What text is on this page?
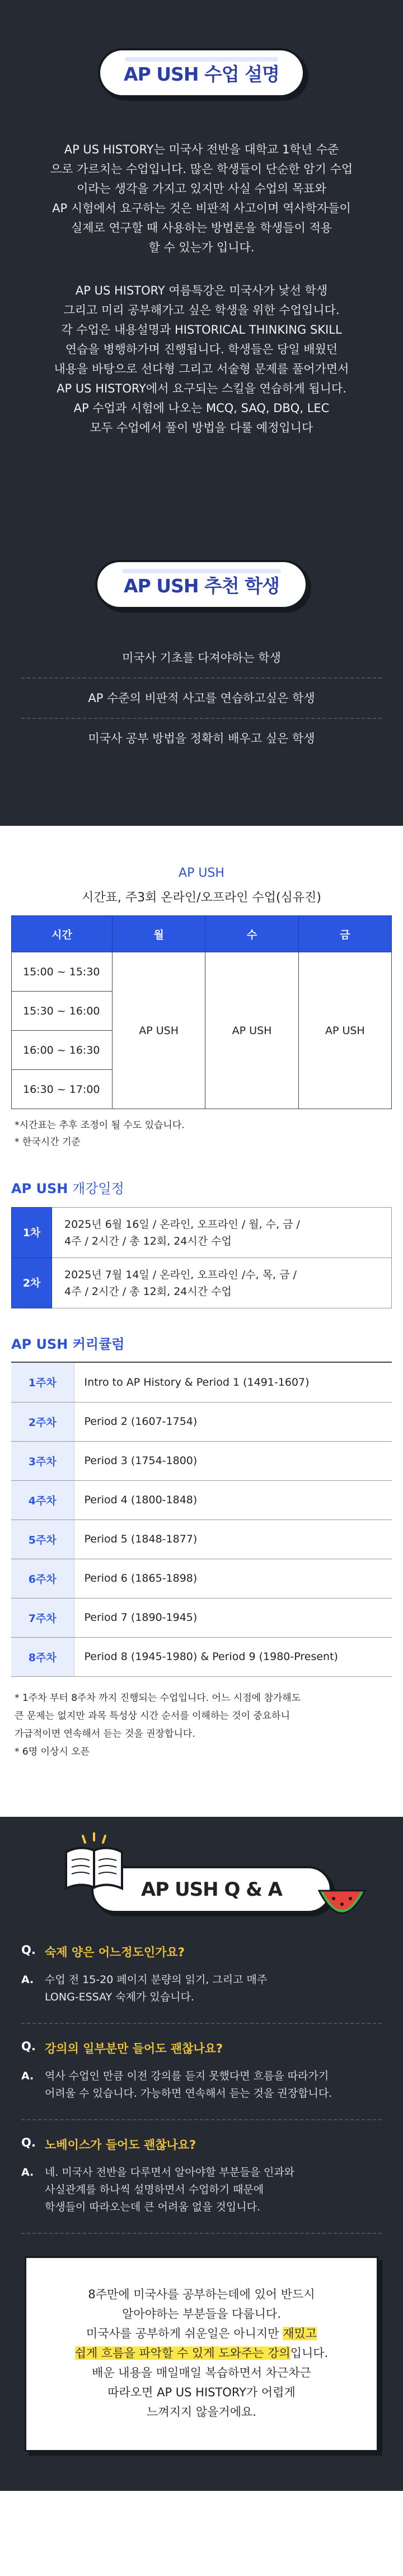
AP USH 수업 설명
AP US HISTORY는 미국사 전반을 대학교 1학년 수준
으로 가르치는 수업입니다. 많은 학생들이 단순한 암기 수업
이라는 생각을 가지고 있지만 사실 수업의 목표와
AP 시험에서 요구하는 것은 비판적 사고이며 역사학자들이
실제로 연구할 때 사용하는 방법론을 학생들이 적용
할 수 있는가 입니다.
AP US HISTORY 여름특강은 미국사가 낯선 학생
그리고 미리 공부해가고 싶은 학생을 위한 수업입니다.
각 수업은 내용설명과 HISTORICAL THINKING SKILL
연습을 병행하가며 진행됩니다. 학생들은 당일 배웠던
내용을 바탕으로 선다형 그리고 서술형 문제를 풀어가면서
AP US HISTORY에서 요구되는 스킬을 연습하게 됩니다.
AP 수업과 시험에 나오는 MCQ, SAQ, DBQ, LEC
모두 수업에서 풀이 방법을 다룰 예정입니다
AP USH 추천 학생
미국사 기초를 다져야하는 학생
AP 수준의 비판적 사고를 연습하고싶은 학생
미국사 공부 방법을 정확히 배우고 싶은 학생
AP USH
시간표, 주3회 온라인/오프라인 수업(심유진)
시간	월	수	금
15:00 ~ 15:30	AP USH	AP USH	AP USH
15:30 ~ 16:00			
16:00 ~ 16:30			
16:30 ~ 17:00			
*시간표는 추후 조정이 될 수도 있습니다.
* 한국시간 기준
AP USH 개강일정
1차	2025년 6월 16일 / 온라인, 오프라인 / 월, 수, 금 /
4주 / 2시간 / 총 12회, 24시간 수업

2차	2025년 7월 14일 / 온라인, 오프라인 /수, 목, 금 /
4주 / 2시간 / 총 12회, 24시간 수업
AP USH 커리큘럼
1주차	Intro to AP History & Period 1 (1491-1607)
2주차	Period 2 (1607-1754)
3주차	Period 3 (1754-1800)
4주차	Period 4 (1800-1848)
5주차	Period 5 (1848-1877)
6주차	Period 6 (1865-1898)
7주차	Period 7 (1890-1945)
8주차	Period 8 (1945-1980) & Period 9 (1980-Present)
* 1주차 부터 8주차 까지 진행되는 수업입니다. 어느 시점에 참가해도
큰 문제는 없지만 과목 특성상 시간 순서를 이해하는 것이 중요하니
가급적이면 연속해서 듣는 것을 권장합니다.
* 6명 이상시 오픈
AP USH Q & A
Q. 숙제 양은 어느정도인가요?
A.	수업 전 15-20 페이지 분량의 읽기, 그리고 매주
LONG-ESSAY 숙제가 있습니다.
Q. 강의의 일부분만 들어도 괜찮나요?
A.	역사 수업인 만큼 이전 강의를 듣지 못했다면 흐름을 따라가기
어려울 수 있습니다. 가능하면 연속해서 듣는 것을 권장합니다.
Q. 노베이스가 들어도 괜찮나요?
A.	네. 미국사 전반을 다루면서 알아야할 부분들을 인과와
사실관계를 하나씩 설명하면서 수업하기 때문에
학생들이 따라오는데 큰 어려움 없을 것입니다.
8주만에 미국사를 공부하는데에 있어 반드시
알아야하는 부분들을 다룹니다.
미국사를 공부하게 쉬운일은 아니지만 재밌고
쉽게 흐름을 파악할 수 있게 도와주는 강의입니다.
배운 내용을 매일매일 복습하면서 차근차근
따라오면 AP US HISTORY가 어렵게
느껴지지 않을거에요.
